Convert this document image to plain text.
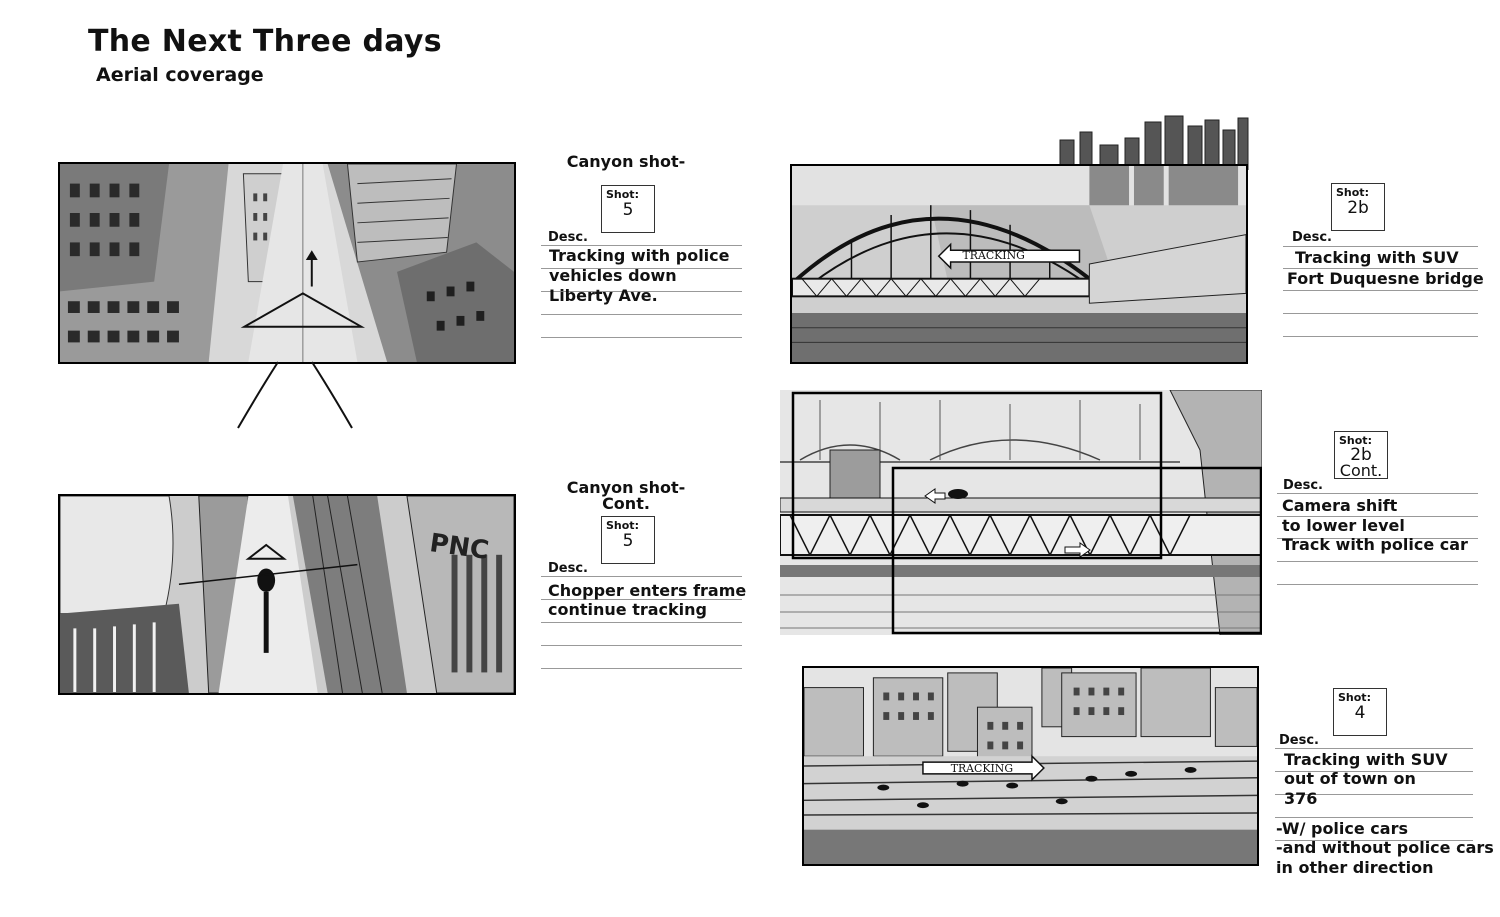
The Next Three days
Aerial coverage
Canyon shot-
Shot:
5
Desc.
Tracking with police
vehicles down
Liberty Ave.
PNC
Canyon shot-
Cont.
Shot:
5
Desc.
Chopper enters frame
continue tracking
TRACKING
Shot:
2b
Desc.
Tracking with SUV
Fort Duquesne bridge
Shot:
2b
Cont.
Desc.
Camera shift
to lower level
Track with police car
TRACKING
Shot:
4
Desc.
Tracking with SUV
out of town on
376
-W/ police cars
-and without police cars
in other direction
